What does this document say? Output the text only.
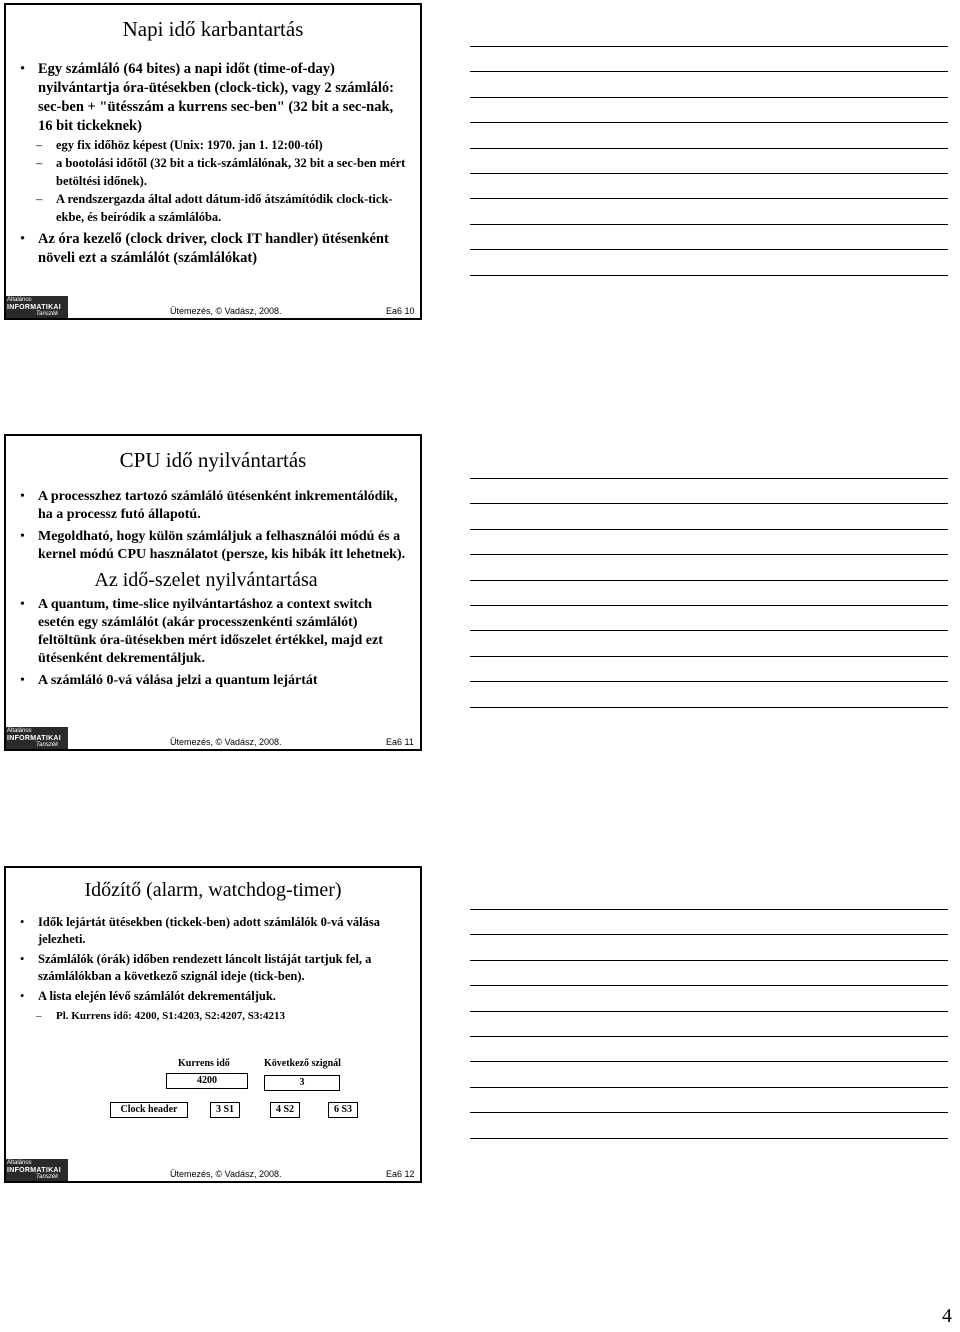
Napi idő karbantartás
• Egy számláló (64 bites) a napi időt (time-of-day) nyilvántartja óra-ütésekben (clock-tick), vagy 2 számláló: sec-ben + "ütésszám a kurrens sec-ben" (32 bit a sec-nak, 16 bit tickeknek)
– egy fix időhöz képest (Unix: 1970. jan 1. 12:00-tól)
– a bootolási időtől (32 bit a tick-számlálónak, 32 bit a sec-ben mért betöltési időnek).
– A rendszergazda által adott dátum-idő átszámítódik clock-tick-ekbe, és beíródik a számlálóba.
• Az óra kezelő (clock driver, clock IT handler) ütésenként növeli ezt a számlálót (számlálókat)
Ütemezés, © Vadász, 2008.	Ea6 10
Általános
INFORMATIKAI
Tanszék
CPU idő nyilvántartás
• A processzhez tartozó számláló ütésenként inkrementálódik, ha a processz futó állapotú.
• Megoldható, hogy külön számláljuk a felhasználói módú és a kernel módú CPU használatot (persze, kis hibák itt lehetnek).
Az idő-szelet nyilvántartása
• A quantum, time-slice nyilvántartáshoz a context switch esetén egy számlálót (akár processzenkénti számlálót) feltöltünk óra-ütésekben mért időszelet értékkel, majd ezt ütésenként dekrementáljuk.
• A számláló 0-vá válása jelzi a quantum lejártát
Ütemezés, © Vadász, 2008.	Ea6 11
Általános
INFORMATIKAI
Tanszék
Időzítő (alarm, watchdog-timer)
• Idők lejártát ütésekben (tickek-ben) adott számlálók 0-vá válása jelezheti.
• Számlálók (órák) időben rendezett láncolt listáját tartjuk fel, a számlálókban a következő szignál ideje (tick-ben).
• A lista elején lévő számlálót dekrementáljuk.
– Pl. Kurrens idő: 4200, S1:4203, S2:4207, S3:4213
Kurrens idő
4200
Következő szignál
3
Clock header	3 S1	4 S2	6 S3
Ütemezés, © Vadász, 2008.	Ea6 12
Általános
INFORMATIKAI
Tanszék
4
